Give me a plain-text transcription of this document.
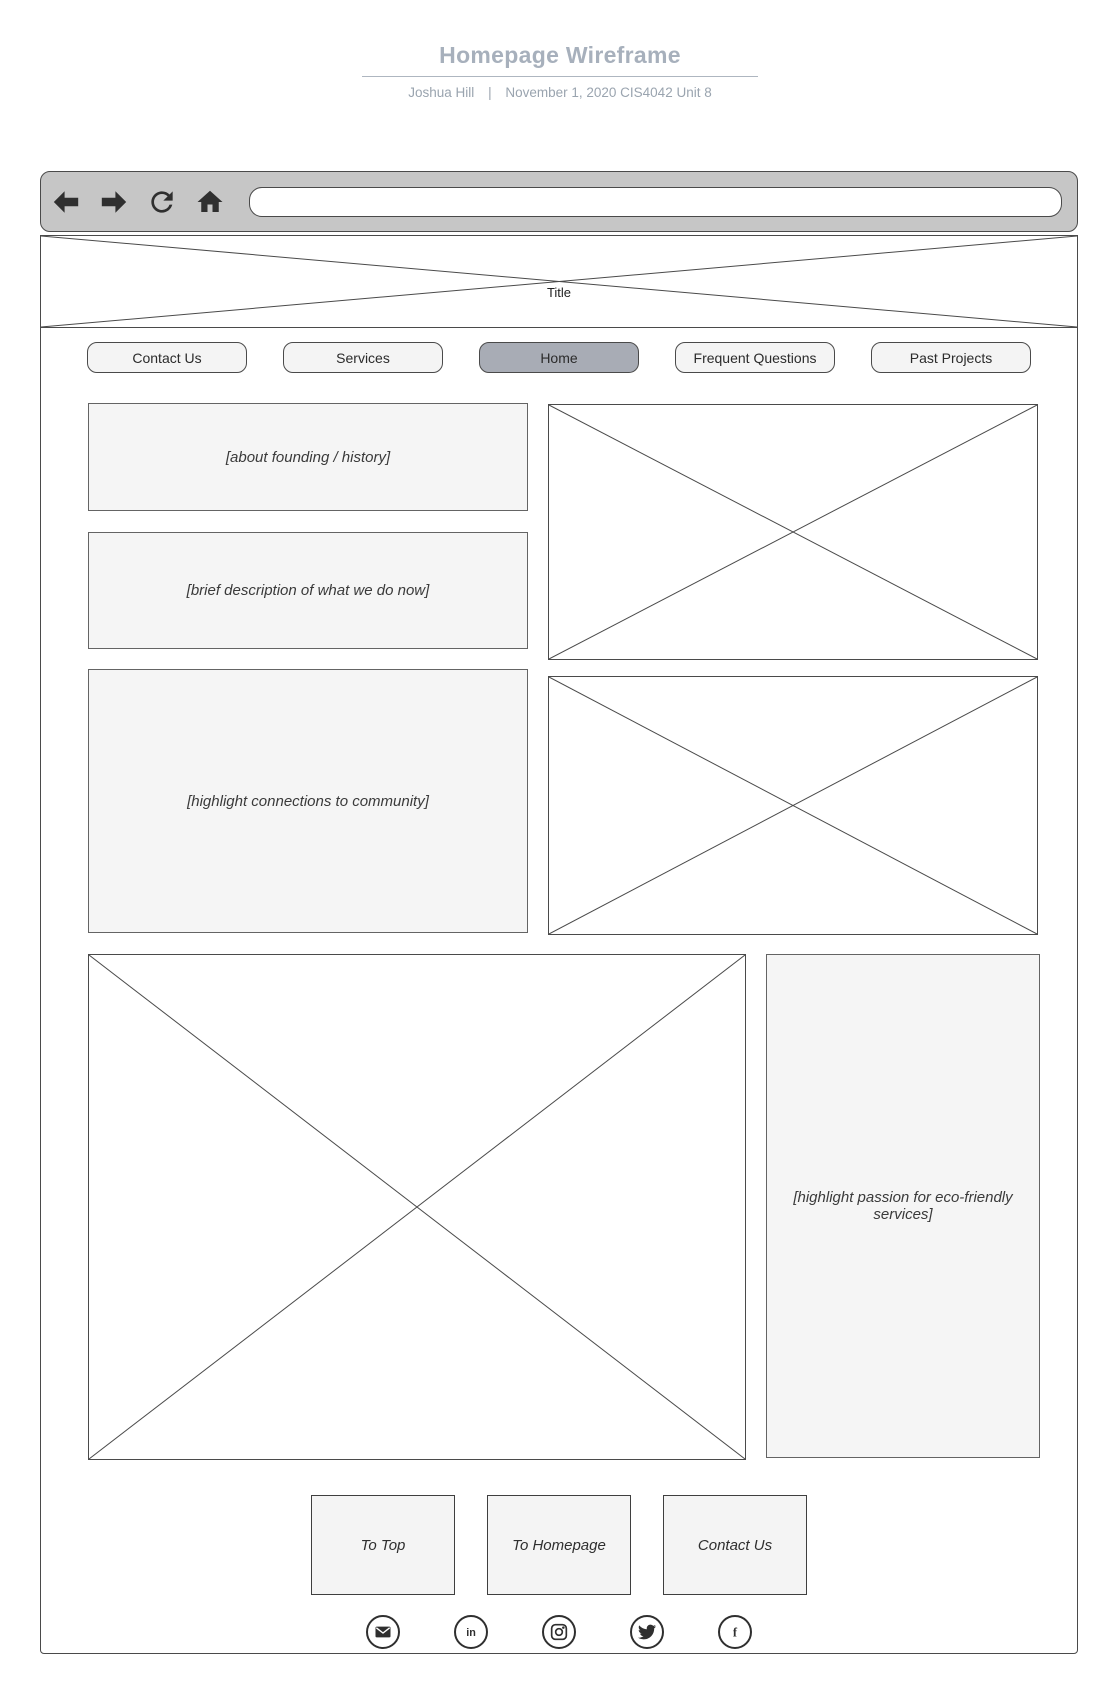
Homepage Wireframe

Joshua Hill | November 1, 2020 CIS4042 Unit 8

Title
Contact Us	Services	Home	Frequent Questions	Past Projects
[about founding / history]
[brief description of what we do now]
[highlight connections to community]
[highlight passion for eco-friendly services]
To Top	To Homepage	Contact Us
in	f
